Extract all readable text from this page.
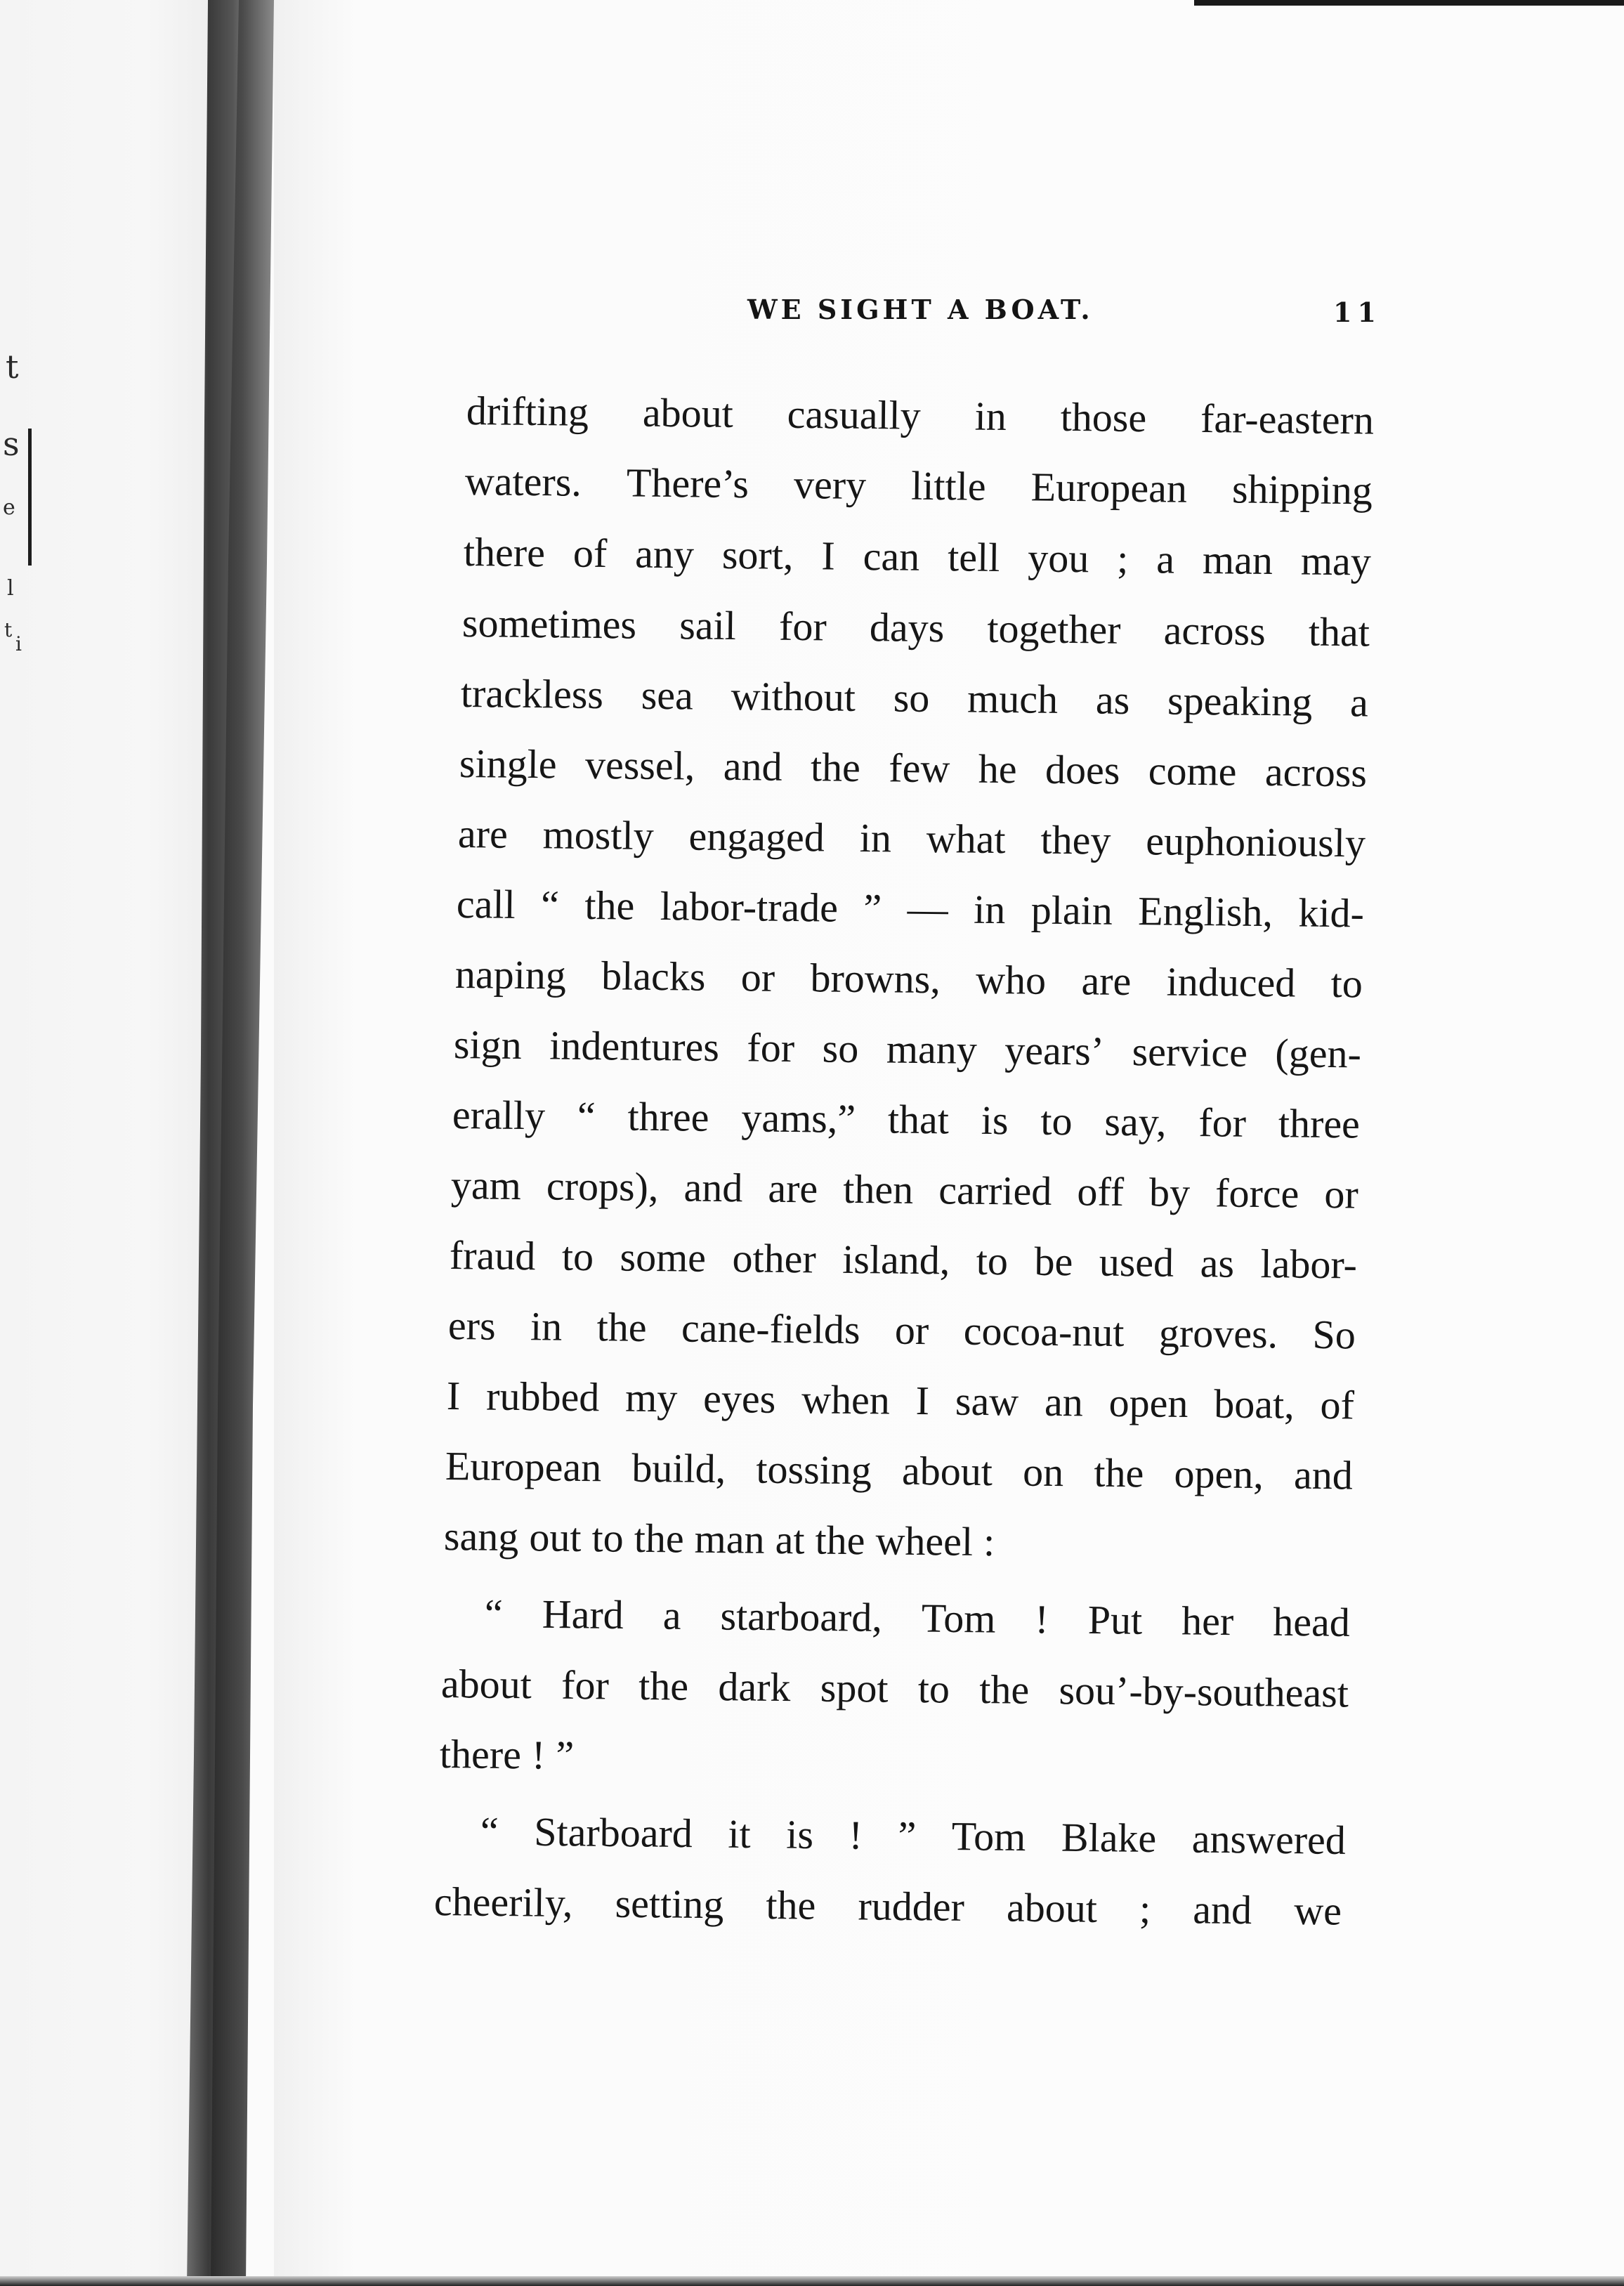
t
s
e
l
t
i
WE SIGHT A BOAT.	11
drifting about casually in those far-eastern
waters. There’s very little European shipping
there of any sort, I can tell you ; a man may
sometimes sail for days together across that
trackless sea without so much as speaking a
single vessel, and the few he does come across
are mostly engaged in what they euphoniously
call “ the labor-trade ” — in plain English, kid-
naping blacks or browns, who are induced to
sign indentures for so many years’ service (gen-
erally “ three yams,” that is to say, for three
yam crops), and are then carried off by force or
fraud to some other island, to be used as labor-
ers in the cane-fields or cocoa-nut groves. So
I rubbed my eyes when I saw an open boat, of
European build, tossing about on the open, and
sang out to the man at the wheel :
“ Hard a starboard, Tom ! Put her head
about for the dark spot to the sou’-by-southeast
there ! ”
“ Starboard it is ! ” Tom Blake answered
cheerily, setting the rudder about ; and we
